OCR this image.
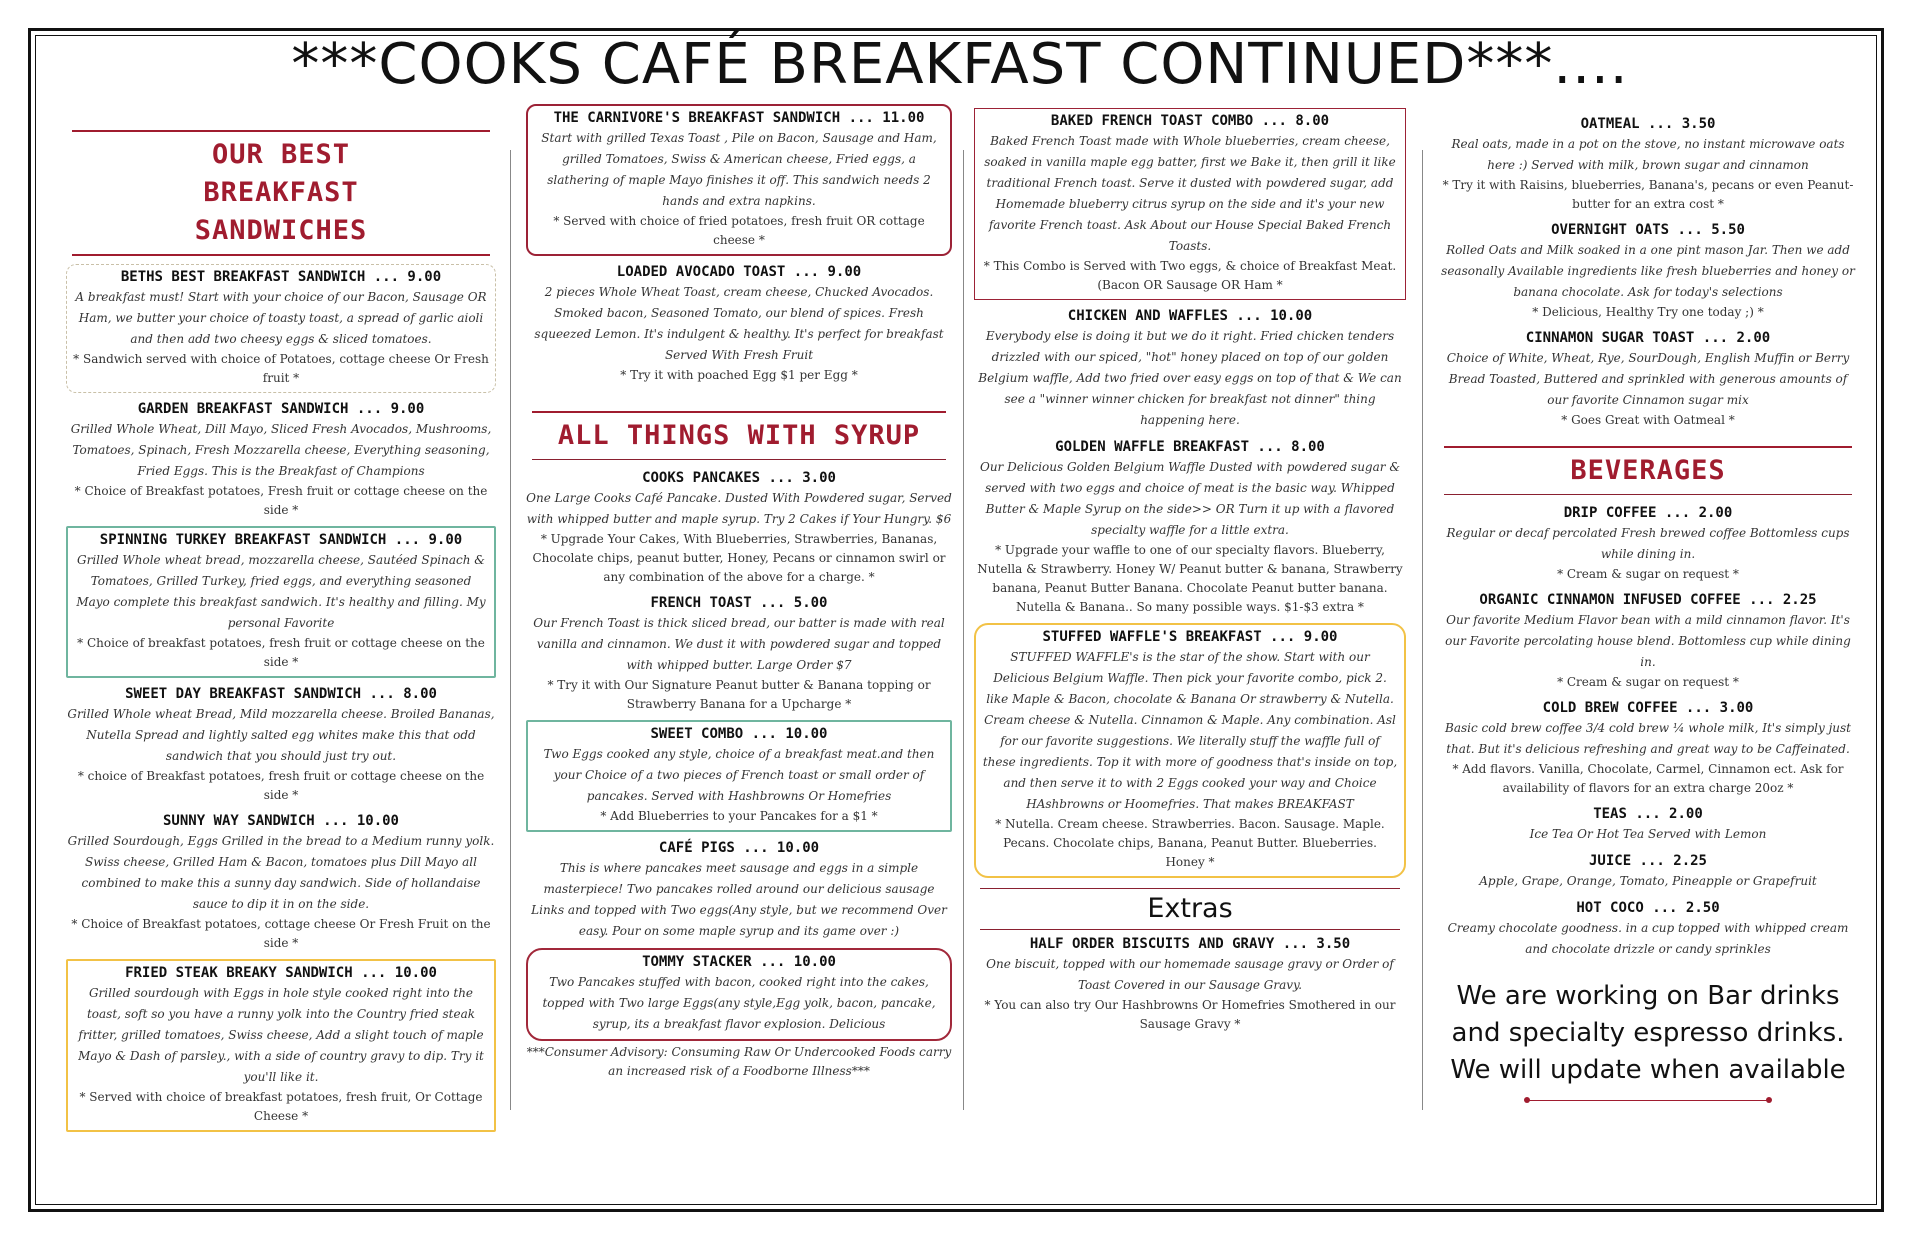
***COOKS CAFÉ BREAKFAST CONTINUED***....
OUR BEST BREAKFAST SANDWICHES
BETHS BEST BREAKFAST SANDWICH ... 9.00
A breakfast must! Start with your choice of our Bacon, Sausage OR Ham, we butter your choice of toasty toast, a spread of garlic aioli and then add two cheesy eggs & sliced tomatoes.
* Sandwich served with choice of Potatoes, cottage cheese Or Fresh fruit *
GARDEN BREAKFAST SANDWICH ... 9.00
Grilled Whole Wheat, Dill Mayo, Sliced Fresh Avocados, Mushrooms, Tomatoes, Spinach, Fresh Mozzarella cheese, Everything seasoning, Fried Eggs. This is the Breakfast of Champions
* Choice of Breakfast potatoes, Fresh fruit or cottage cheese on the side *
SPINNING TURKEY BREAKFAST SANDWICH ... 9.00
Grilled Whole wheat bread, mozzarella cheese, Sautéed Spinach & Tomatoes, Grilled Turkey, fried eggs, and everything seasoned Mayo complete this breakfast sandwich. It's healthy and filling. My personal Favorite
* Choice of breakfast potatoes, fresh fruit or cottage cheese on the side *
SWEET DAY BREAKFAST SANDWICH ... 8.00
Grilled Whole wheat Bread, Mild mozzarella cheese. Broiled Bananas, Nutella Spread and lightly salted egg whites make this that odd sandwich that you should just try out.
* choice of Breakfast potatoes, fresh fruit or cottage cheese on the side *
SUNNY WAY SANDWICH ... 10.00
Grilled Sourdough, Eggs Grilled in the bread to a Medium runny yolk. Swiss cheese, Grilled Ham & Bacon, tomatoes plus Dill Mayo all combined to make this a sunny day sandwich. Side of hollandaise sauce to dip it in on the side.
* Choice of Breakfast potatoes, cottage cheese Or Fresh Fruit on the side *
FRIED STEAK BREAKY SANDWICH ... 10.00
Grilled sourdough with Eggs in hole style cooked right into the toast, soft so you have a runny yolk into the Country fried steak fritter, grilled tomatoes, Swiss cheese, Add a slight touch of maple Mayo & Dash of parsley., with a side of country gravy to dip. Try it you'll like it.
* Served with choice of breakfast potatoes, fresh fruit, Or Cottage Cheese *
THE CARNIVORE'S BREAKFAST SANDWICH ... 11.00
Start with grilled Texas Toast , Pile on Bacon, Sausage and Ham, grilled Tomatoes, Swiss & American cheese, Fried eggs, a slathering of maple Mayo finishes it off. This sandwich needs 2 hands and extra napkins.
* Served with choice of fried potatoes, fresh fruit OR cottage cheese *
LOADED AVOCADO TOAST ... 9.00
2 pieces Whole Wheat Toast, cream cheese, Chucked Avocados. Smoked bacon, Seasoned Tomato, our blend of spices. Fresh squeezed Lemon. It's indulgent & healthy. It's perfect for breakfast Served With Fresh Fruit
* Try it with poached Egg $1 per Egg *
ALL THINGS WITH SYRUP
COOKS PANCAKES ... 3.00
One Large Cooks Café Pancake. Dusted With Powdered sugar, Served with whipped butter and maple syrup. Try 2 Cakes if Your Hungry. $6
* Upgrade Your Cakes, With Blueberries, Strawberries, Bananas, Chocolate chips, peanut butter, Honey, Pecans or cinnamon swirl or any combination of the above for a charge. *
FRENCH TOAST ... 5.00
Our French Toast is thick sliced bread, our batter is made with real vanilla and cinnamon. We dust it with powdered sugar and topped with whipped butter. Large Order $7
* Try it with Our Signature Peanut butter & Banana topping or Strawberry Banana for a Upcharge *
SWEET COMBO ... 10.00
Two Eggs cooked any style, choice of a breakfast meat.and then your Choice of a two pieces of French toast or small order of pancakes. Served with Hashbrowns Or Homefries
* Add Blueberries to your Pancakes for a $1 *
CAFÉ PIGS ... 10.00
This is where pancakes meet sausage and eggs in a simple masterpiece! Two pancakes rolled around our delicious sausage Links and topped with Two eggs(Any style, but we recommend Over easy. Pour on some maple syrup and its game over :)
TOMMY STACKER ... 10.00
Two Pancakes stuffed with bacon, cooked right into the cakes, topped with Two large Eggs(any style,Egg yolk, bacon, pancake, syrup, its a breakfast flavor explosion. Delicious
***Consumer Advisory: Consuming Raw Or Undercooked Foods carry an increased risk of a Foodborne Illness***
BAKED FRENCH TOAST COMBO ... 8.00
Baked French Toast made with Whole blueberries, cream cheese, soaked in vanilla maple egg batter, first we Bake it, then grill it like traditional French toast. Serve it dusted with powdered sugar, add Homemade blueberry citrus syrup on the side and it's your new favorite French toast. Ask About our House Special Baked French Toasts.
* This Combo is Served with Two eggs, & choice of Breakfast Meat. (Bacon OR Sausage OR Ham *
CHICKEN AND WAFFLES ... 10.00
Everybody else is doing it but we do it right. Fried chicken tenders drizzled with our spiced, "hot" honey placed on top of our golden Belgium waffle, Add two fried over easy eggs on top of that & We can see a "winner winner chicken for breakfast not dinner" thing happening here.
GOLDEN WAFFLE BREAKFAST ... 8.00
Our Delicious Golden Belgium Waffle Dusted with powdered sugar & served with two eggs and choice of meat is the basic way. Whipped Butter & Maple Syrup on the side>> OR Turn it up with a flavored specialty waffle for a little extra.
* Upgrade your waffle to one of our specialty flavors. Blueberry, Nutella & Strawberry. Honey W/ Peanut butter & banana, Strawberry banana, Peanut Butter Banana. Chocolate Peanut butter banana. Nutella & Banana.. So many possible ways. $1-$3 extra *
STUFFED WAFFLE'S BREAKFAST ... 9.00
STUFFED WAFFLE's is the star of the show. Start with our Delicious Belgium Waffle. Then pick your favorite combo, pick 2. like Maple & Bacon, chocolate & Banana Or strawberry & Nutella. Cream cheese & Nutella. Cinnamon & Maple. Any combination. Asl for our favorite suggestions. We literally stuff the waffle full of these ingredients. Top it with more of goodness that's inside on top, and then serve it to with 2 Eggs cooked your way and Choice HAshbrowns or Hoomefries. That makes BREAKFAST
* Nutella. Cream cheese. Strawberries. Bacon. Sausage. Maple. Pecans. Chocolate chips, Banana, Peanut Butter. Blueberries. Honey *
Extras
HALF ORDER BISCUITS AND GRAVY ... 3.50
One biscuit, topped with our homemade sausage gravy or Order of Toast Covered in our Sausage Gravy.
* You can also try Our Hashbrowns Or Homefries Smothered in our Sausage Gravy *
OATMEAL ... 3.50
Real oats, made in a pot on the stove, no instant microwave oats here :) Served with milk, brown sugar and cinnamon
* Try it with Raisins, blueberries, Banana's, pecans or even Peanut-butter for an extra cost *
OVERNIGHT OATS ... 5.50
Rolled Oats and Milk soaked in a one pint mason Jar. Then we add seasonally Available ingredients like fresh blueberries and honey or banana chocolate. Ask for today's selections
* Delicious, Healthy Try one today ;) *
CINNAMON SUGAR TOAST ... 2.00
Choice of White, Wheat, Rye, SourDough, English Muffin or Berry Bread Toasted, Buttered and sprinkled with generous amounts of our favorite Cinnamon sugar mix
* Goes Great with Oatmeal *
BEVERAGES
DRIP COFFEE ... 2.00
Regular or decaf percolated Fresh brewed coffee Bottomless cups while dining in.
* Cream & sugar on request *
ORGANIC CINNAMON INFUSED COFFEE ... 2.25
Our favorite Medium Flavor bean with a mild cinnamon flavor. It's our Favorite percolating house blend. Bottomless cup while dining in.
* Cream & sugar on request *
COLD BREW COFFEE ... 3.00
Basic cold brew coffee 3/4 cold brew ¼ whole milk, It's simply just that. But it's delicious refreshing and great way to be Caffeinated.
* Add flavors. Vanilla, Chocolate, Carmel, Cinnamon ect. Ask for availability of flavors for an extra charge 20oz *
TEAS ... 2.00
Ice Tea Or Hot Tea Served with Lemon
JUICE ... 2.25
Apple, Grape, Orange, Tomato, Pineapple or Grapefruit
HOT COCO ... 2.50
Creamy chocolate goodness. in a cup topped with whipped cream and chocolate drizzle or candy sprinkles
We are working on Bar drinks and specialty espresso drinks. We will update when available
